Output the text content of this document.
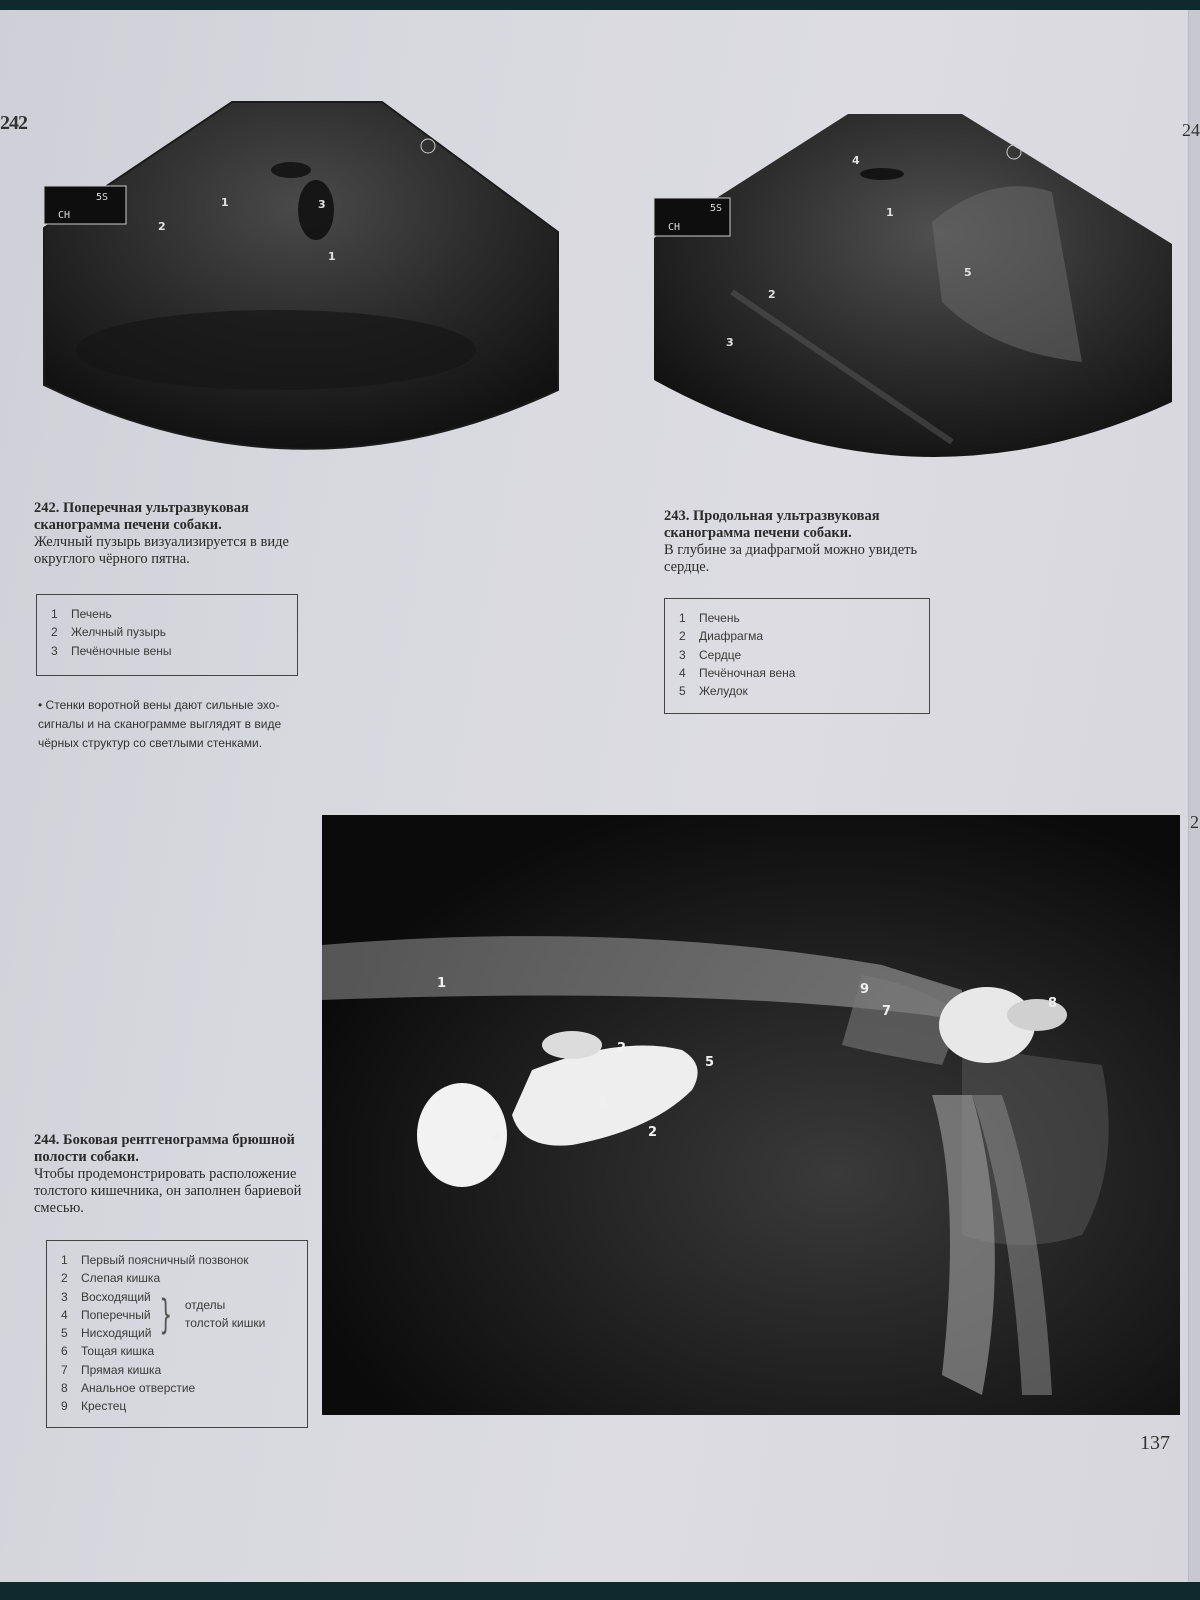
242	24
2
137
5S
CH
1
2
3
1
5S
CH
4
1
5
2
3
242. Поперечная ультразвуковая сканограмма печени собаки.
Желчный пузырь визуализируется в виде округлого чёрного пятна.
1	Печень
2	Желчный пузырь
3	Печёночные вены
• Стенки воротной вены дают сильные эхо-сигналы и на сканограмме выглядят в виде чёрных структур со светлыми стенками.
243. Продольная ультразвуковая сканограмма печени собаки.
В глубине за диафрагмой можно увидеть сердце.
1	Печень
2	Диафрагма
3	Сердце
4	Печёночная вена
5	Желудок
1	9
7
8
2
5
3
4	2
244. Боковая рентгенограмма брюшной полости собаки.
Чтобы продемонстрировать расположение толстого кишечника, он заполнен бариевой смесью.
1	Первый поясничный позвонок
2	Слепая кишка
3	Восходящий
4	Поперечный
5	Нисходящий } отделы
толстой кишки
6	Тощая кишка
7	Прямая кишка
8	Анальное отверстие
9	Крестец
